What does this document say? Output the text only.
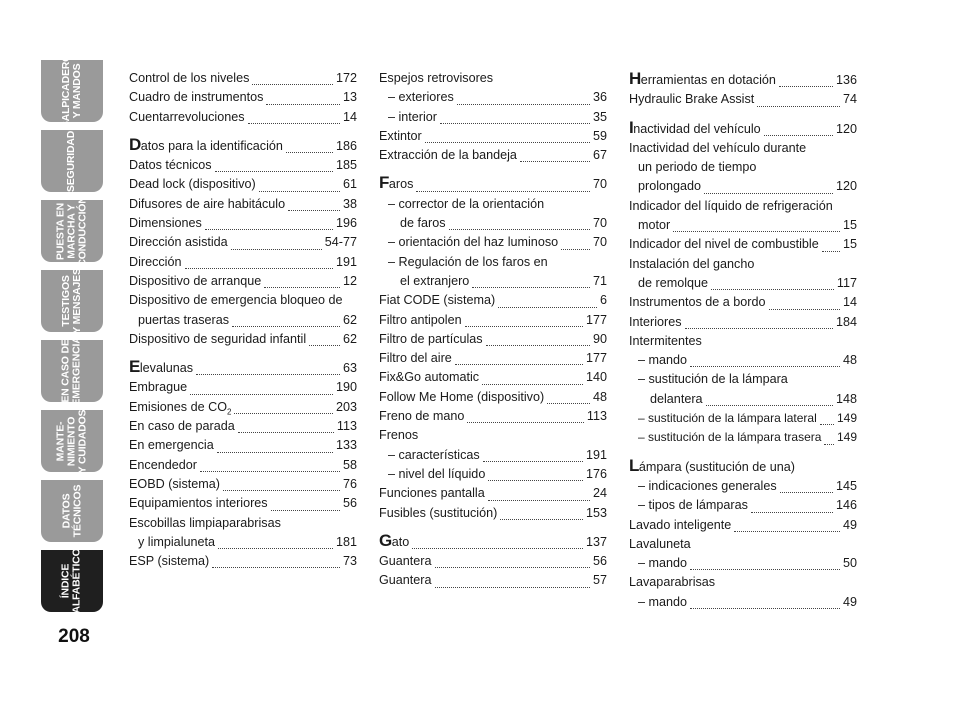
SALPICADERO
Y MANDOS
SEGURIDAD
PUESTA EN
MARCHA Y
CONDUCCIÓN
TESTIGOS
Y MENSAJES
EN CASO DE
EMERGENCIA
MANTE-
NIMIENTO
Y CUIDADOS
DATOS
TÉCNICOS
ÍNDICE
ALFABÉTICO
208
Control de los niveles	172
Cuadro de instrumentos	13
Cuentarrevoluciones	14
Datos para la identificación	186
Datos técnicos	185
Dead lock (dispositivo)	61
Difusores de aire habitáculo	38
Dimensiones	196
Dirección asistida	54-77
Dirección	191
Dispositivo de arranque	12
Dispositivo de emergencia bloqueo de
puertas traseras	62
Dispositivo de seguridad infantil	62
Elevalunas	63
Embrague	190
Emisiones de $CO_2$	203
En caso de parada	113
En emergencia	133
Encendedor	58
EOBD (sistema)	76
Equipamientos interiores	56
Escobillas limpiaparabrisas
y limpialuneta	181
ESP (sistema)	73
Espejos retrovisores
– exteriores	36
– interior	35
Extintor	59
Extracción de la bandeja	67
Faros	70
– corrector de la orientación
de faros	70
– orientación del haz luminoso	70
– Regulación de los faros en
el extranjero	71
Fiat CODE (sistema)	6
Filtro antipolen	177
Filtro de partículas	90
Filtro del aire	177
Fix&Go automatic	140
Follow Me Home (dispositivo)	48
Freno de mano	113
Frenos
– características	191
– nivel del líquido	176
Funciones pantalla	24
Fusibles (sustitución)	153
Gato	137
Guantera	56
Guantera	57
Herramientas en dotación	136
Hydraulic Brake Assist	74
Inactividad del vehículo	120
Inactividad del vehículo durante
un periodo de tiempo
prolongado	120
Indicador del líquido de refrigeración
motor	15
Indicador del nivel de combustible 15
Instalación del gancho
de remolque	117
Instrumentos de a bordo	14
Interiores	184
Intermitentes
– mando	48
– sustitución de la lámpara
delantera	148
– sustitución de la lámpara lateral 149
– sustitución de la lámpara trasera 149
Lámpara (sustitución de una)
– indicaciones generales	145
– tipos de lámparas	146
Lavado inteligente	49
Lavaluneta
– mando	50
Lavaparabrisas
– mando	49
